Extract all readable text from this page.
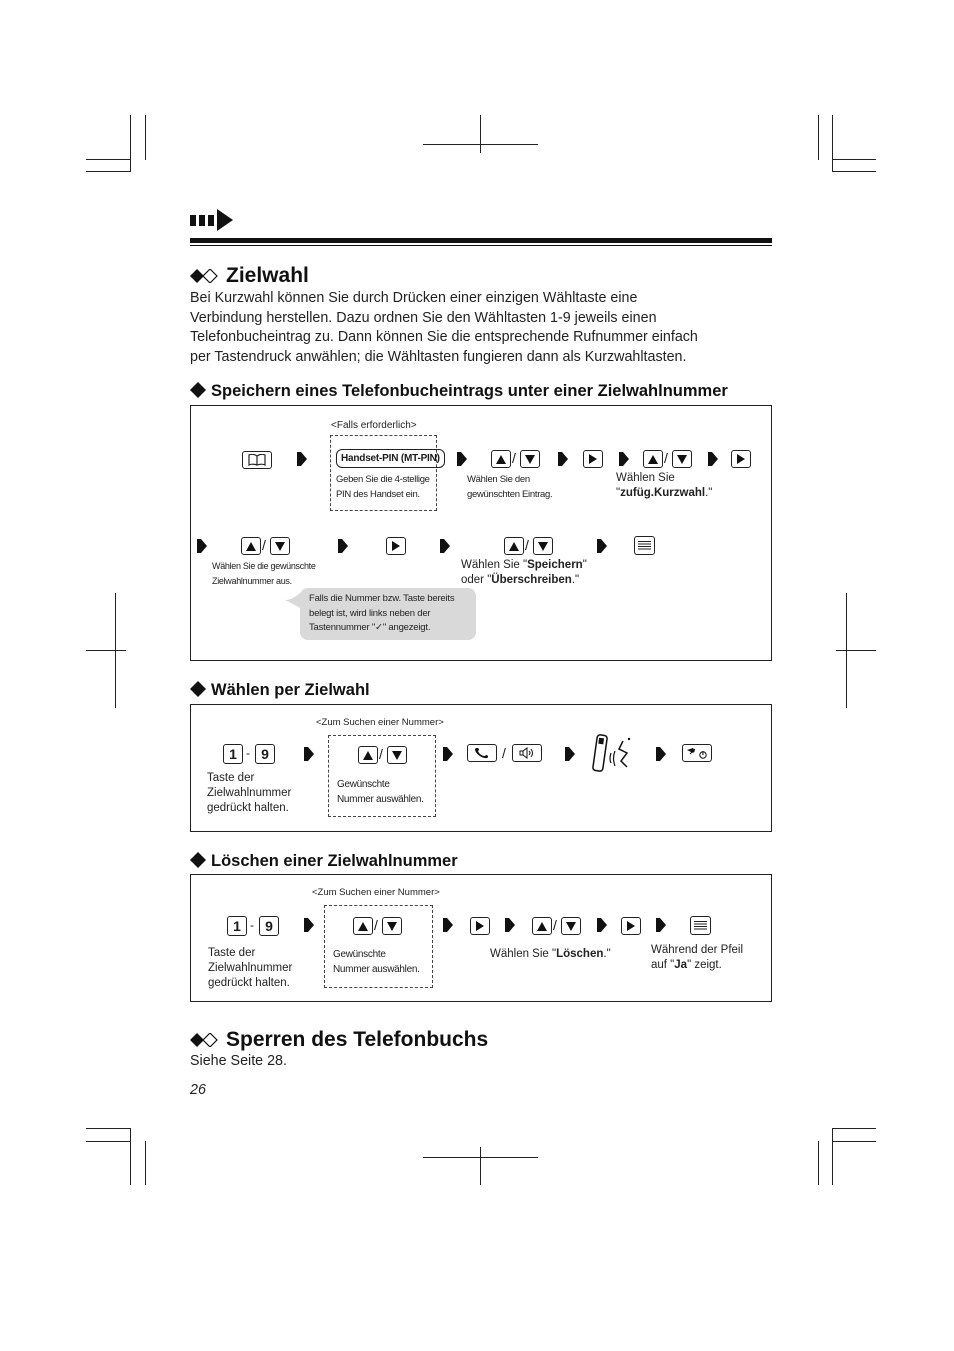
Zielwahl

Bei Kurzwahl können Sie durch Drücken einer einzigen Wähltaste eine

Verbindung herstellen. Dazu ordnen Sie den Wähltasten 1-9 jeweils einen

Telefonbucheintrag zu. Dann können Sie die entsprechende Rufnummer einfach

per Tastendruck anwählen; die Wähltasten fungieren dann als Kurzwahltasten.

Speichern eines Telefonbucheintrags unter einer Zielwahlnummer
<Falls erforderlich>
Handset-PIN (MT-PIN)
Geben Sie die 4-stellige
PIN des Handset ein.
/
Wählen Sie den
gewünschten Eintrag.
/
Wählen Sie
"zufüg.Kurzwahl."
/
Wählen Sie die gewünschte
Zielwahlnummer aus.
/
Wählen Sie "Speichern"
oder "Überschreiben."
Falls die Nummer bzw. Taste bereits
belegt ist, wird links neben der
Tastennummer "✓" angezeigt.
Wählen per Zielwahl
<Zum Suchen einer Nummer>
1 - 9
Taste der
Zielwahlnummer
gedrückt halten.
/
Gewünschte
Nummer auswählen.
/
Löschen einer Zielwahlnummer
<Zum Suchen einer Nummer>
1 - 9
Taste der
Zielwahlnummer
gedrückt halten.
/
Gewünschte
Nummer auswählen.
/
Wählen Sie "Löschen."	Während der Pfeil
auf "Ja" zeigt.
Sperren des Telefonbuchs
Siehe Seite 28.
26
